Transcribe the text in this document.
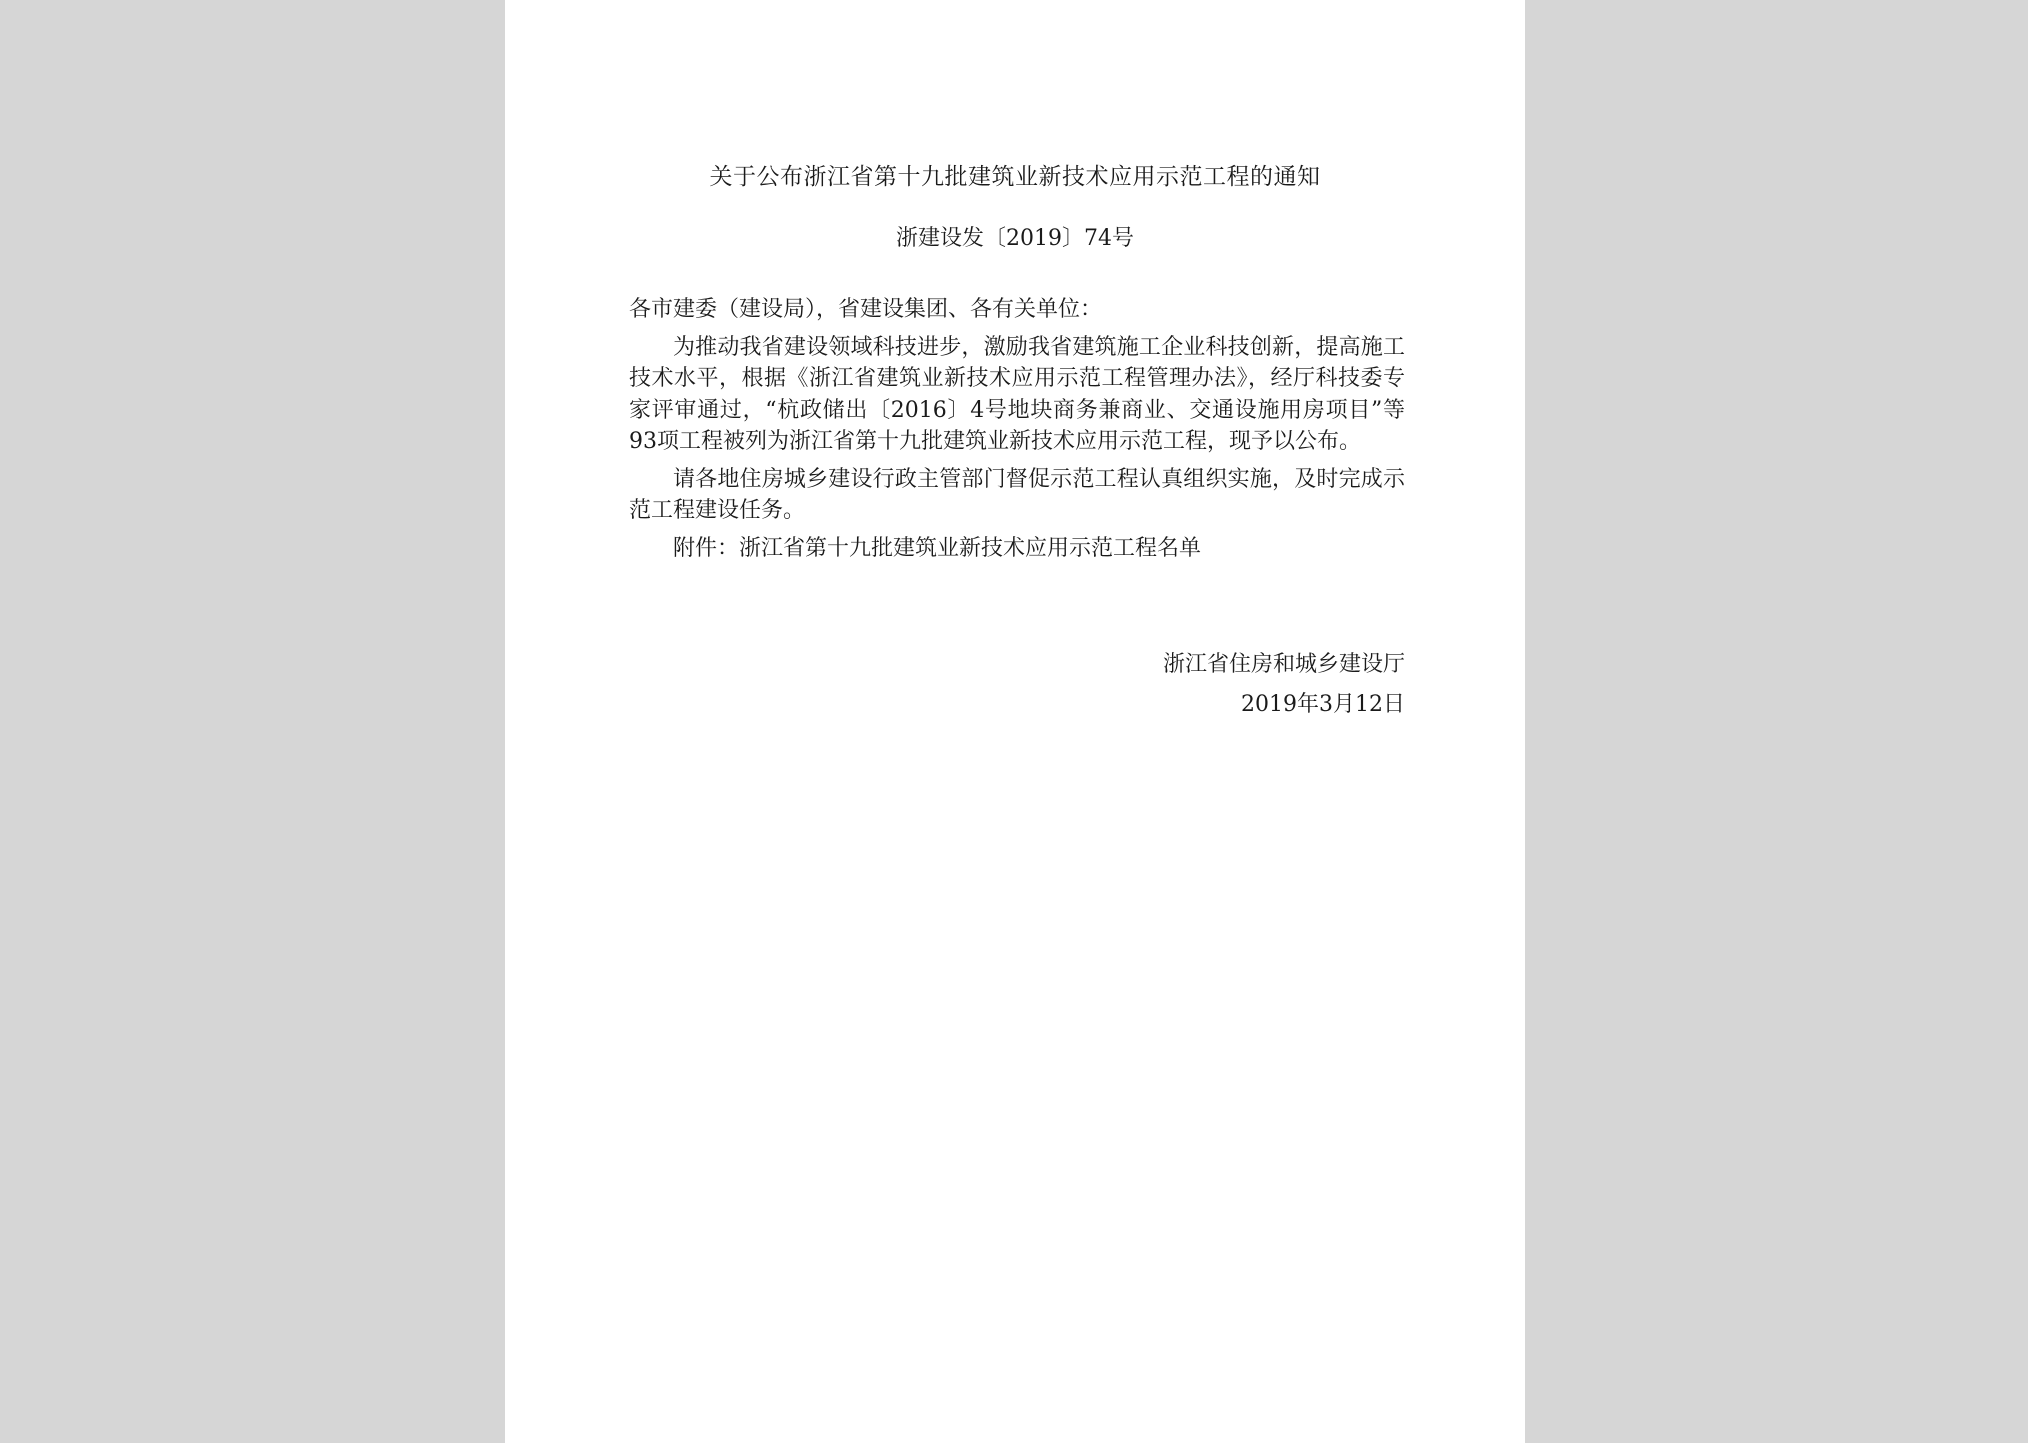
关于公布浙江省第十九批建筑业新技术应用示范工程的通知
浙建设发〔2019〕74号

各市建委（建设局），省建设集团、各有关单位：

为推动我省建设领域科技进步，激励我省建筑施工企业科技创新，提高施工技术水平，根据《浙江省建筑业新技术应用示范工程管理办法》，经厅科技委专家评审通过，“杭政储出〔2016〕4号地块商务兼商业、交通设施用房项目”等93项工程被列为浙江省第十九批建筑业新技术应用示范工程，现予以公布。

请各地住房城乡建设行政主管部门督促示范工程认真组织实施，及时完成示范工程建设任务。

附件：浙江省第十九批建筑业新技术应用示范工程名单

浙江省住房和城乡建设厅
2019年3月12日
